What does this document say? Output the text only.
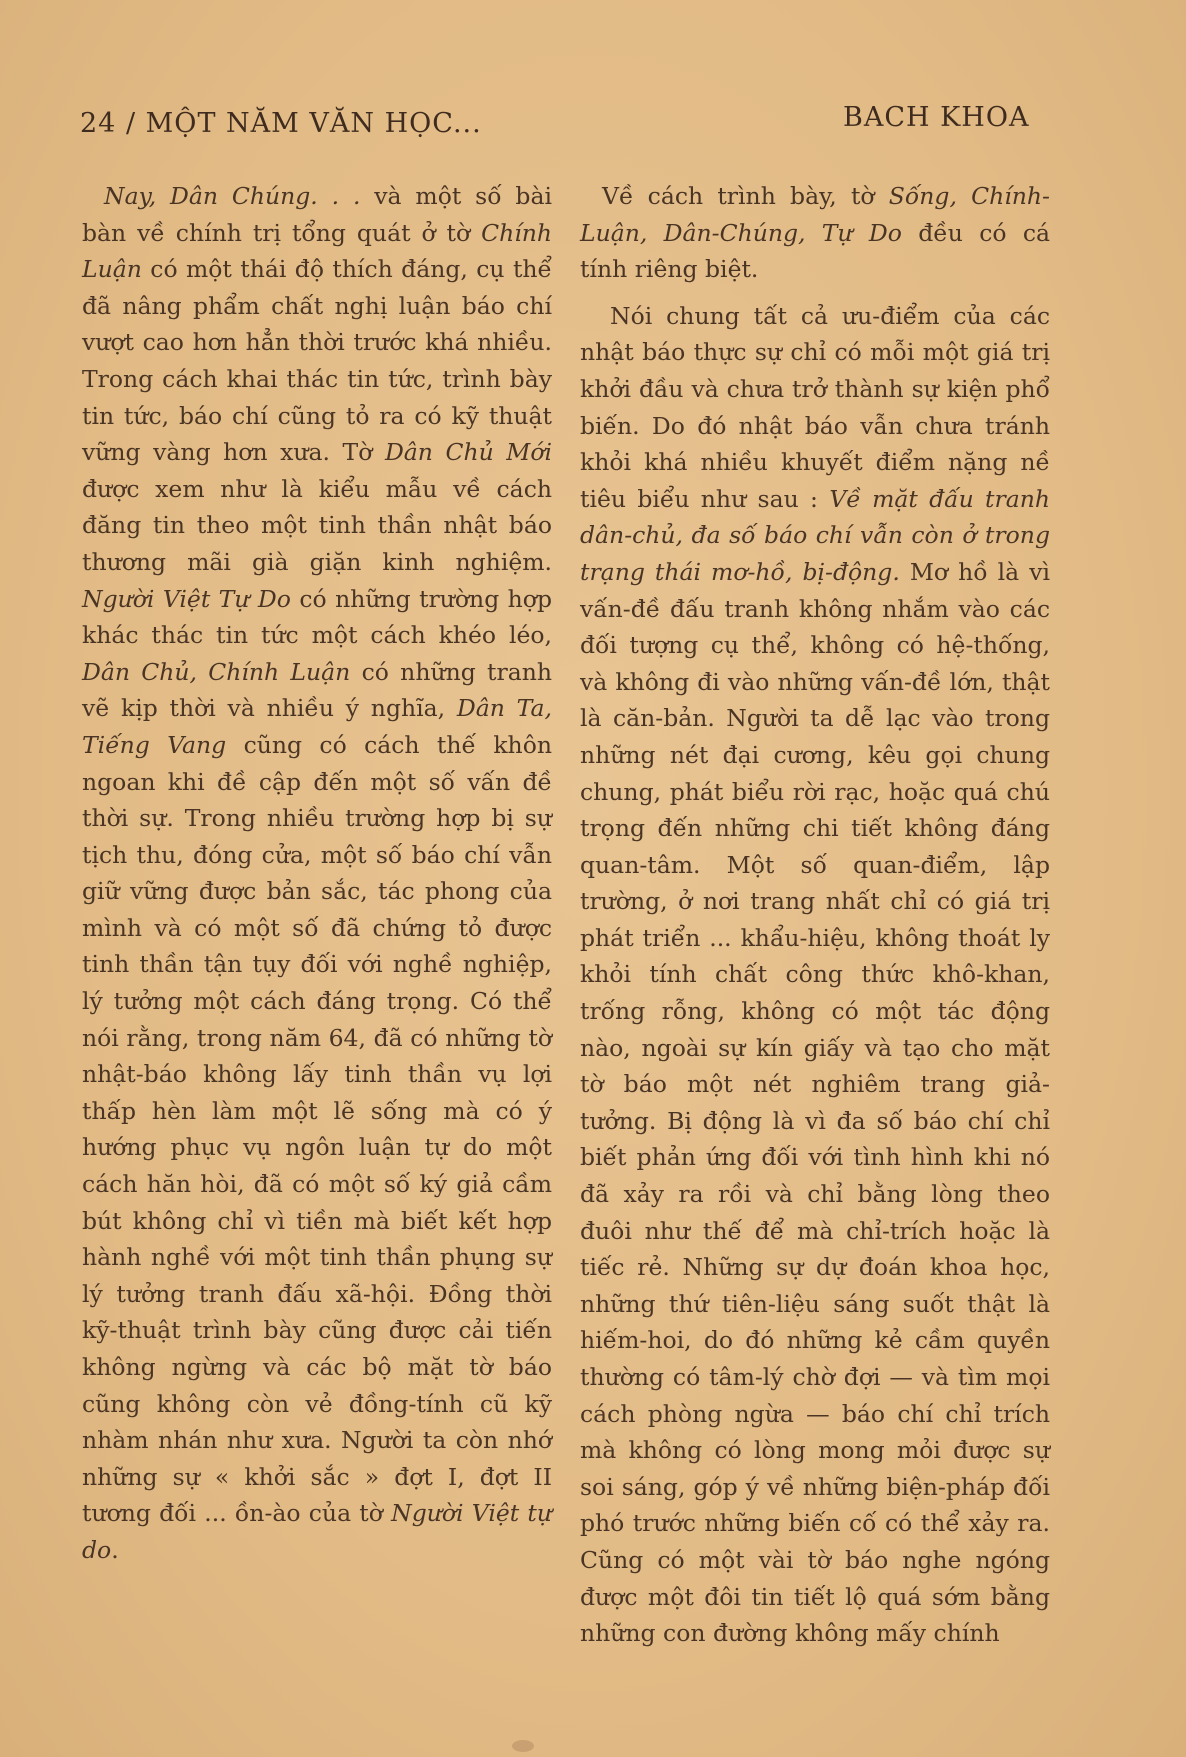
24 / MỘT NĂM VĂN HỌC...	BACH KHOA

Nay, Dân Chúng. . . và một số bài bàn về chính trị tổng quát ở tờ Chính Luận có một thái độ thích đáng, cụ thể đã nâng phẩm chất nghị luận báo chí vượt cao hơn hẳn thời trước khá nhiều. Trong cách khai thác tin tức, trình bày tin tức, báo chí cũng tỏ ra có kỹ thuật vững vàng hơn xưa. Tờ Dân Chủ Mới được xem như là kiểu mẫu về cách đăng tin theo một tinh thần nhật báo thương mãi già giặn kinh nghiệm. Người Việt Tự Do có những trường hợp khác thác tin tức một cách khéo léo, Dân Chủ, Chính Luận có những tranh vẽ kịp thời và nhiều ý nghĩa, Dân Ta, Tiếng Vang cũng có cách thế khôn ngoan khi đề cập đến một số vấn đề thời sự. Trong nhiều trường hợp bị sự tịch thu, đóng cửa, một số báo chí vẫn giữ vững được bản sắc, tác phong của mình và có một số đã chứng tỏ được tinh thần tận tụy đối với nghề nghiệp, lý tưởng một cách đáng trọng. Có thể nói rằng, trong năm 64, đã có những tờ nhật-báo không lấy tinh thần vụ lợi thấp hèn làm một lẽ sống mà có ý hướng phục vụ ngôn luận tự do một cách hăn hòi, đã có một số ký giả cầm bút không chỉ vì tiền mà biết kết hợp hành nghề với một tinh thần phụng sự lý tưởng tranh đấu xã-hội. Đồng thời kỹ-thuật trình bày cũng được cải tiến không ngừng và các bộ mặt tờ báo cũng không còn vẻ đồng-tính cũ kỹ nhàm nhán như xưa. Người ta còn nhớ những sự « khởi sắc » đợt I, đợt II tương đối ... ồn-ào của tờ Người Việt tự do.

Về cách trình bày, tờ Sống, Chính-Luận, Dân-Chúng, Tự Do đều có cá tính riêng biệt.

Nói chung tất cả ưu-điểm của các nhật báo thực sự chỉ có mỗi một giá trị khởi đầu và chưa trở thành sự kiện phổ biến. Do đó nhật báo vẫn chưa tránh khỏi khá nhiều khuyết điểm nặng nề tiêu biểu như sau : Về mặt đấu tranh dân-chủ, đa số báo chí vẫn còn ở trong trạng thái mơ-hồ, bị-động. Mơ hồ là vì vấn-đề đấu tranh không nhắm vào các đối tượng cụ thể, không có hệ-thống, và không đi vào những vấn-đề lớn, thật là căn-bản. Người ta dễ lạc vào trong những nét đại cương, kêu gọi chung chung, phát biểu rời rạc, hoặc quá chú trọng đến những chi tiết không đáng quan-tâm. Một số quan-điểm, lập trường, ở nơi trang nhất chỉ có giá trị phát triển ... khẩu-hiệu, không thoát ly khỏi tính chất công thức khô-khan, trống rỗng, không có một tác động nào, ngoài sự kín giấy và tạo cho mặt tờ báo một nét nghiêm trang giả-tưởng. Bị động là vì đa số báo chí chỉ biết phản ứng đối với tình hình khi nó đã xảy ra rồi và chỉ bằng lòng theo đuôi như thế để mà chỉ-trích hoặc là tiếc rẻ. Những sự dự đoán khoa học, những thứ tiên-liệu sáng suốt thật là hiếm-hoi, do đó những kẻ cầm quyền thường có tâm-lý chờ đợi — và tìm mọi cách phòng ngừa — báo chí chỉ trích mà không có lòng mong mỏi được sự soi sáng, góp ý về những biện-pháp đối phó trước những biến cố có thể xảy ra. Cũng có một vài tờ báo nghe ngóng được một đôi tin tiết lộ quá sớm bằng những con đường không mấy chính
